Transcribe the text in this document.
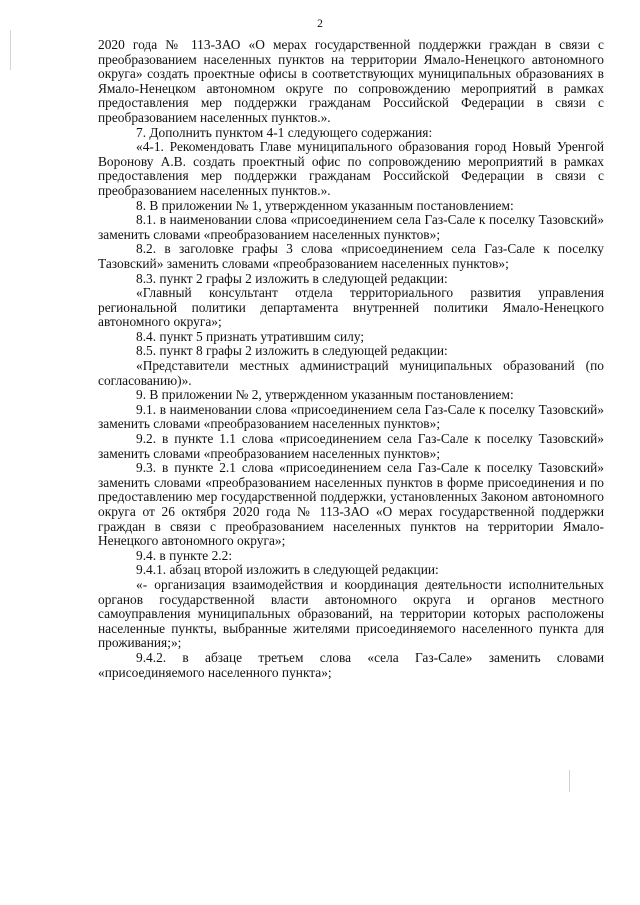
2

2020 года № 113-ЗАО «О мерах государственной поддержки граждан в связи с преобразованием населенных пунктов на территории Ямало-Ненецкого автономного округа» создать проектные офисы в соответствующих муниципальных образованиях в Ямало-Ненецком автономном округе по сопровождению мероприятий в рамках предоставления мер поддержки гражданам Российской Федерации в связи с преобразованием населенных пунктов.».

7. Дополнить пунктом 4-1 следующего содержания:

«4-1. Рекомендовать Главе муниципального образования город Новый Уренгой Воронову А.В. создать проектный офис по сопровождению мероприятий в рамках предоставления мер поддержки гражданам Российской Федерации в связи с преобразованием населенных пунктов.».

8. В приложении № 1, утвержденном указанным постановлением:

8.1. в наименовании слова «присоединением села Газ-Сале к поселку Тазовский» заменить словами «преобразованием населенных пунктов»;

8.2. в заголовке графы 3 слова «присоединением села Газ-Сале к поселку Тазовский» заменить словами «преобразованием населенных пунктов»;

8.3. пункт 2 графы 2 изложить в следующей редакции:

«Главный консультант отдела территориального развития управления региональной политики департамента внутренней политики Ямало-Ненецкого автономного округа»;

8.4. пункт 5 признать утратившим силу;

8.5. пункт 8 графы 2 изложить в следующей редакции:

«Представители местных администраций муниципальных образований (по согласованию)».

9. В приложении № 2, утвержденном указанным постановлением:

9.1. в наименовании слова «присоединением села Газ-Сале к поселку Тазовский» заменить словами «преобразованием населенных пунктов»;

9.2. в пункте 1.1 слова «присоединением села Газ-Сале к поселку Тазовский» заменить словами «преобразованием населенных пунктов»;

9.3. в пункте 2.1 слова «присоединением села Газ-Сале к поселку Тазовский» заменить словами «преобразованием населенных пунктов в форме присоединения и по предоставлению мер государственной поддержки, установленных Законом автономного округа от 26 октября 2020 года № 113-ЗАО «О мерах государственной поддержки граждан в связи с преобразованием населенных пунктов на территории Ямало-Ненецкого автономного округа»;

9.4. в пункте 2.2:

9.4.1. абзац второй изложить в следующей редакции:

«- организация взаимодействия и координация деятельности исполнительных органов государственной власти автономного округа и органов местного самоуправления муниципальных образований, на территории которых расположены населенные пункты, выбранные жителями присоединяемого населенного пункта для проживания;»;

9.4.2. в абзаце третьем слова «села Газ-Сале» заменить словами «присоединяемого населенного пункта»;
